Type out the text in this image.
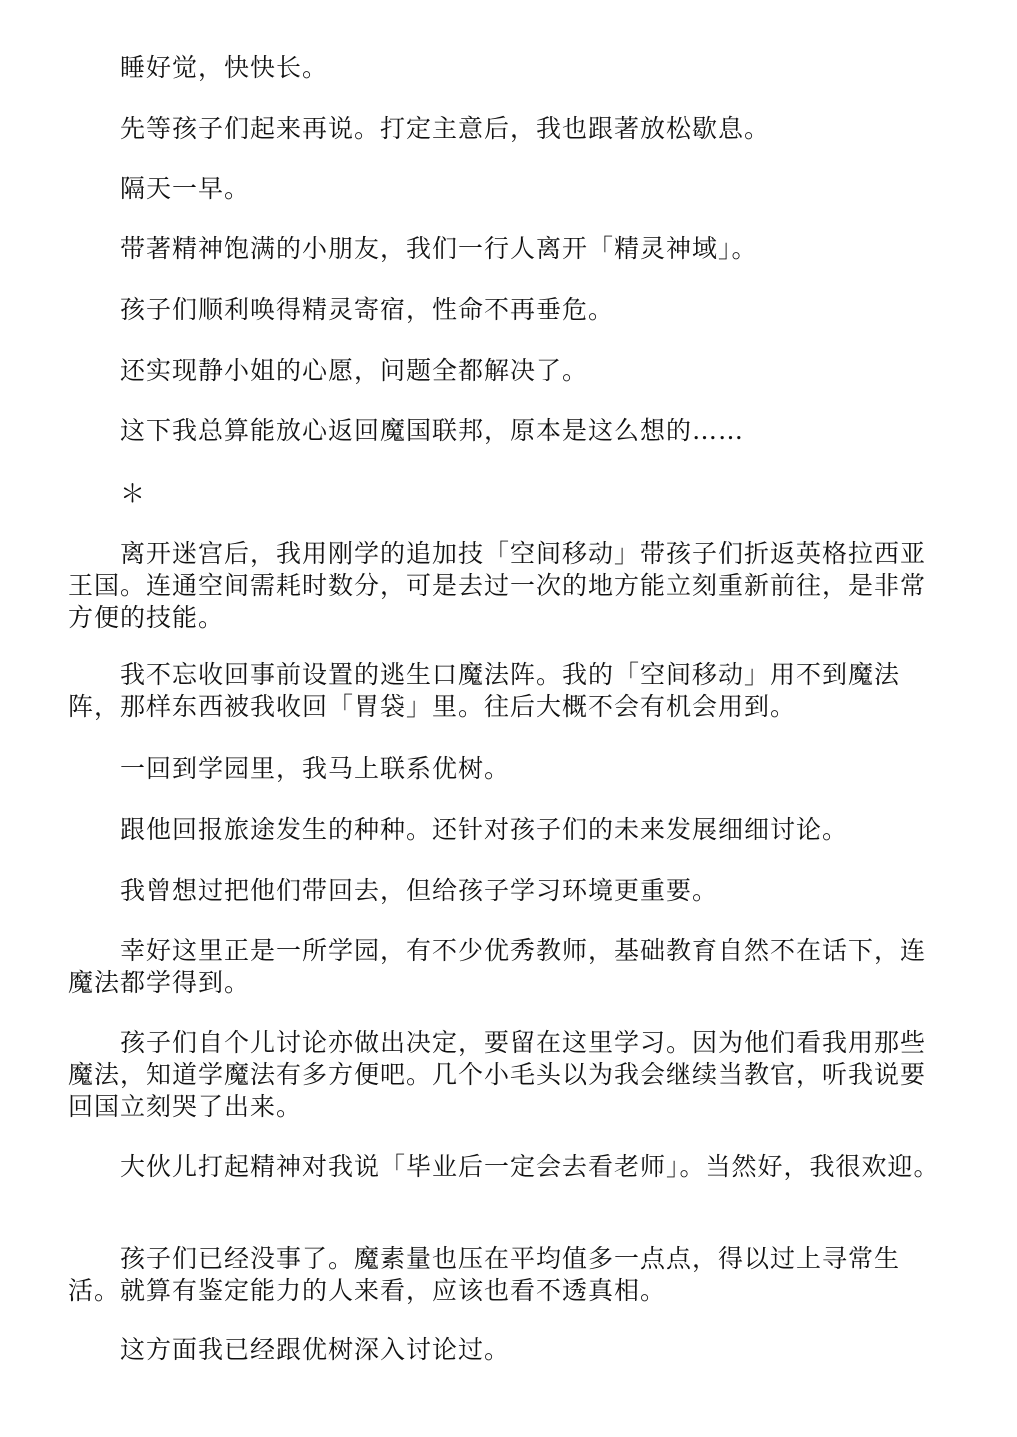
睡好觉，快快长。

先等孩子们起来再说。打定主意后，我也跟著放松歇息。

隔天一早。

带著精神饱满的小朋友，我们一行人离开「精灵神域」。

孩子们顺利唤得精灵寄宿，性命不再垂危。

还实现静小姐的心愿，问题全都解决了。

这下我总算能放心返回魔国联邦，原本是这么想的……

＊

离开迷宫后，我用刚学的追加技「空间移动」带孩子们折返英格拉西亚王国。连通空间需耗时数分，可是去过一次的地方能立刻重新前往，是非常方便的技能。

我不忘收回事前设置的逃生口魔法阵。我的「空间移动」用不到魔法阵，那样东西被我收回「胃袋」里。往后大概不会有机会用到。

一回到学园里，我马上联系优树。

跟他回报旅途发生的种种。还针对孩子们的未来发展细细讨论。

我曾想过把他们带回去，但给孩子学习环境更重要。

幸好这里正是一所学园，有不少优秀教师，基础教育自然不在话下，连魔法都学得到。

孩子们自个儿讨论亦做出决定，要留在这里学习。因为他们看我用那些魔法，知道学魔法有多方便吧。几个小毛头以为我会继续当教官，听我说要回国立刻哭了出来。

大伙儿打起精神对我说「毕业后一定会去看老师」。当然好，我很欢迎。

孩子们已经没事了。魔素量也压在平均值多一点点，得以过上寻常生活。就算有鉴定能力的人来看，应该也看不透真相。

这方面我已经跟优树深入讨论过。
